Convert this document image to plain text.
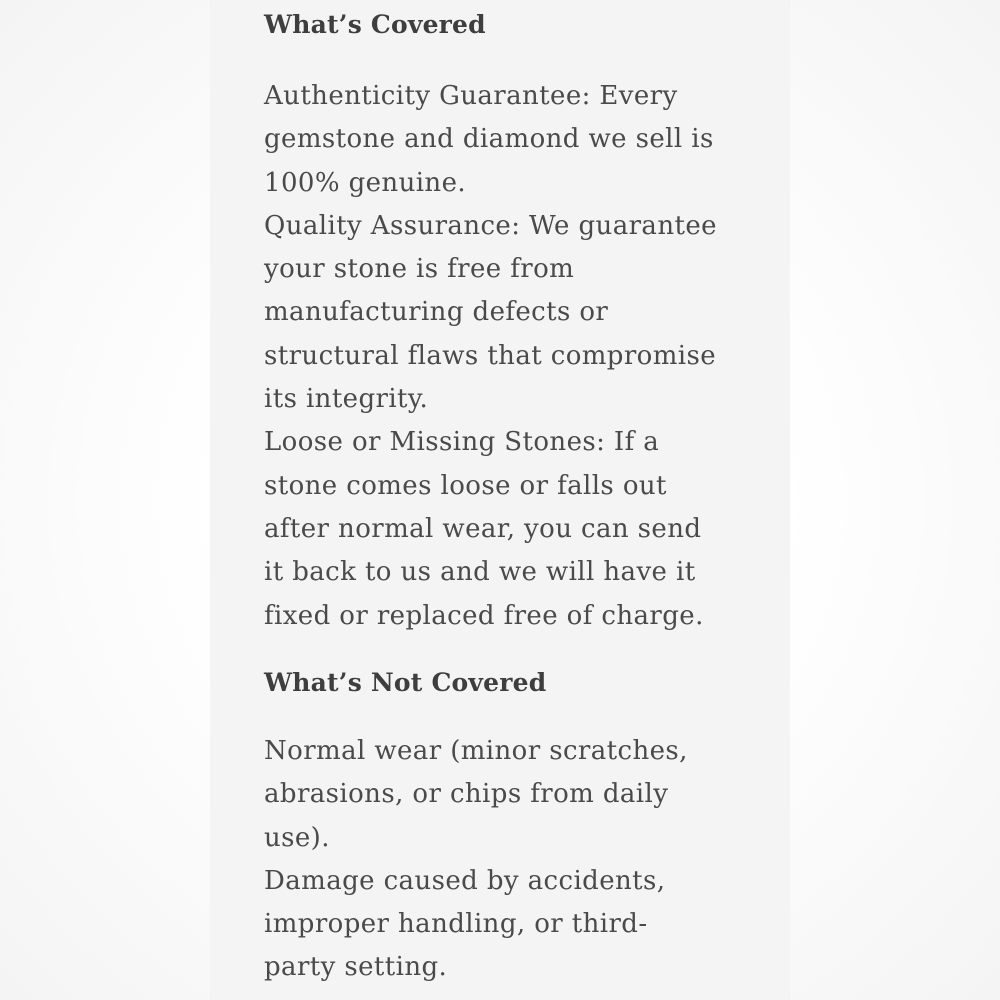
What’s Covered
Authenticity Guarantee: Every
gemstone and diamond we sell is
100% genuine.
Quality Assurance: We guarantee
your stone is free from
manufacturing defects or
structural flaws that compromise
its integrity.
Loose or Missing Stones: If a
stone comes loose or falls out
after normal wear, you can send
it back to us and we will have it
fixed or replaced free of charge.
What’s Not Covered
Normal wear (minor scratches,
abrasions, or chips from daily
use).
Damage caused by accidents,
improper handling, or third-
party setting.
